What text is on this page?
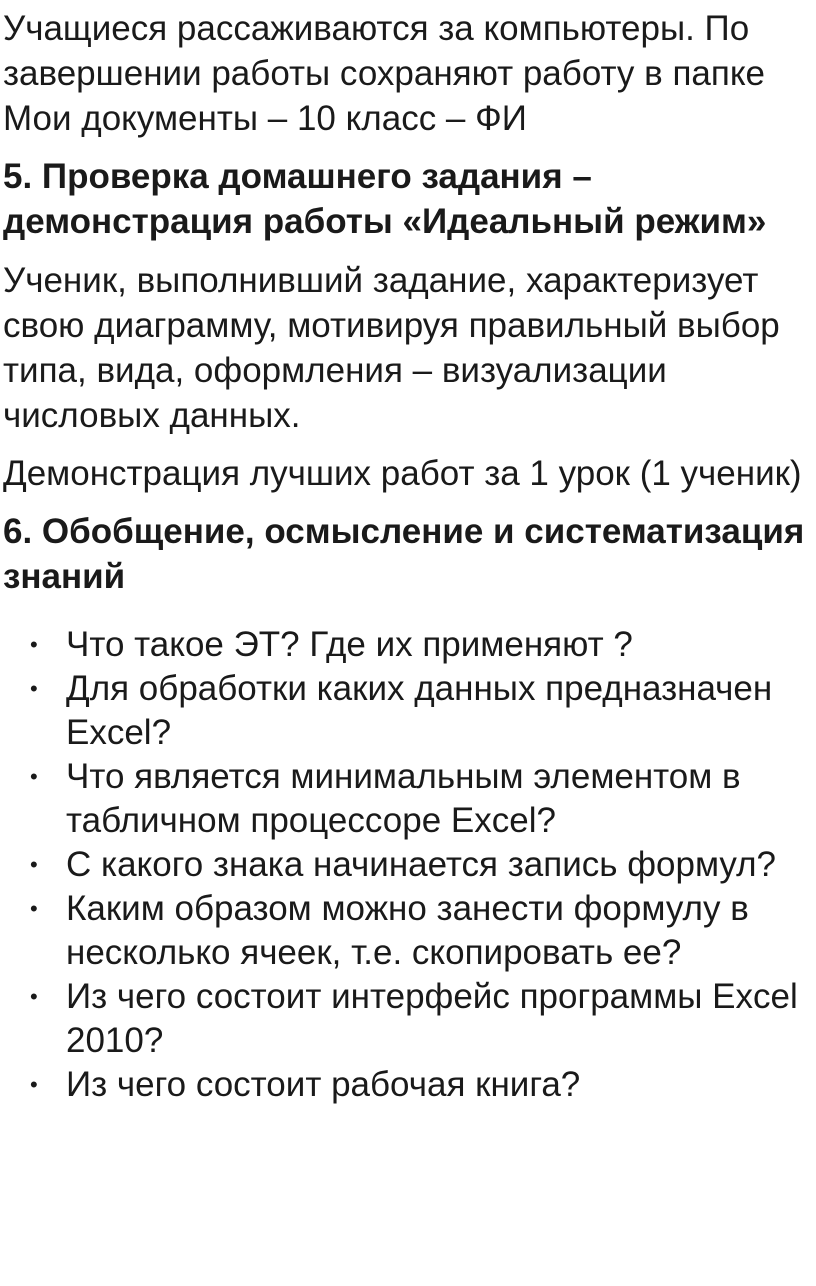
Учащиеся рассаживаются за компьютеры. По завершении работы сохраняют работу в папке Мои документы – 10 класс – ФИ

5. Проверка домашнего задания – демонстрация работы «Идеальный режим»

Ученик, выполнивший задание, характеризует свою диаграмму, мотивируя правильный выбор типа, вида, оформления – визуализации числовых данных.

Демонстрация лучших работ за 1 урок (1 ученик)

6. Обобщение, осмысление и систематизация знаний
• Что такое ЭТ? Где их применяют ?
• Для обработки каких данных предназначен Excel?
• Что является минимальным элементом в табличном процессоре Excel?
• С какого знака начинается запись формул?
• Каким образом можно занести формулу в несколько ячеек, т.е. скопировать ее?
• Из чего состоит интерфейс программы Excel 2010?
• Из чего состоит рабочая книга?
